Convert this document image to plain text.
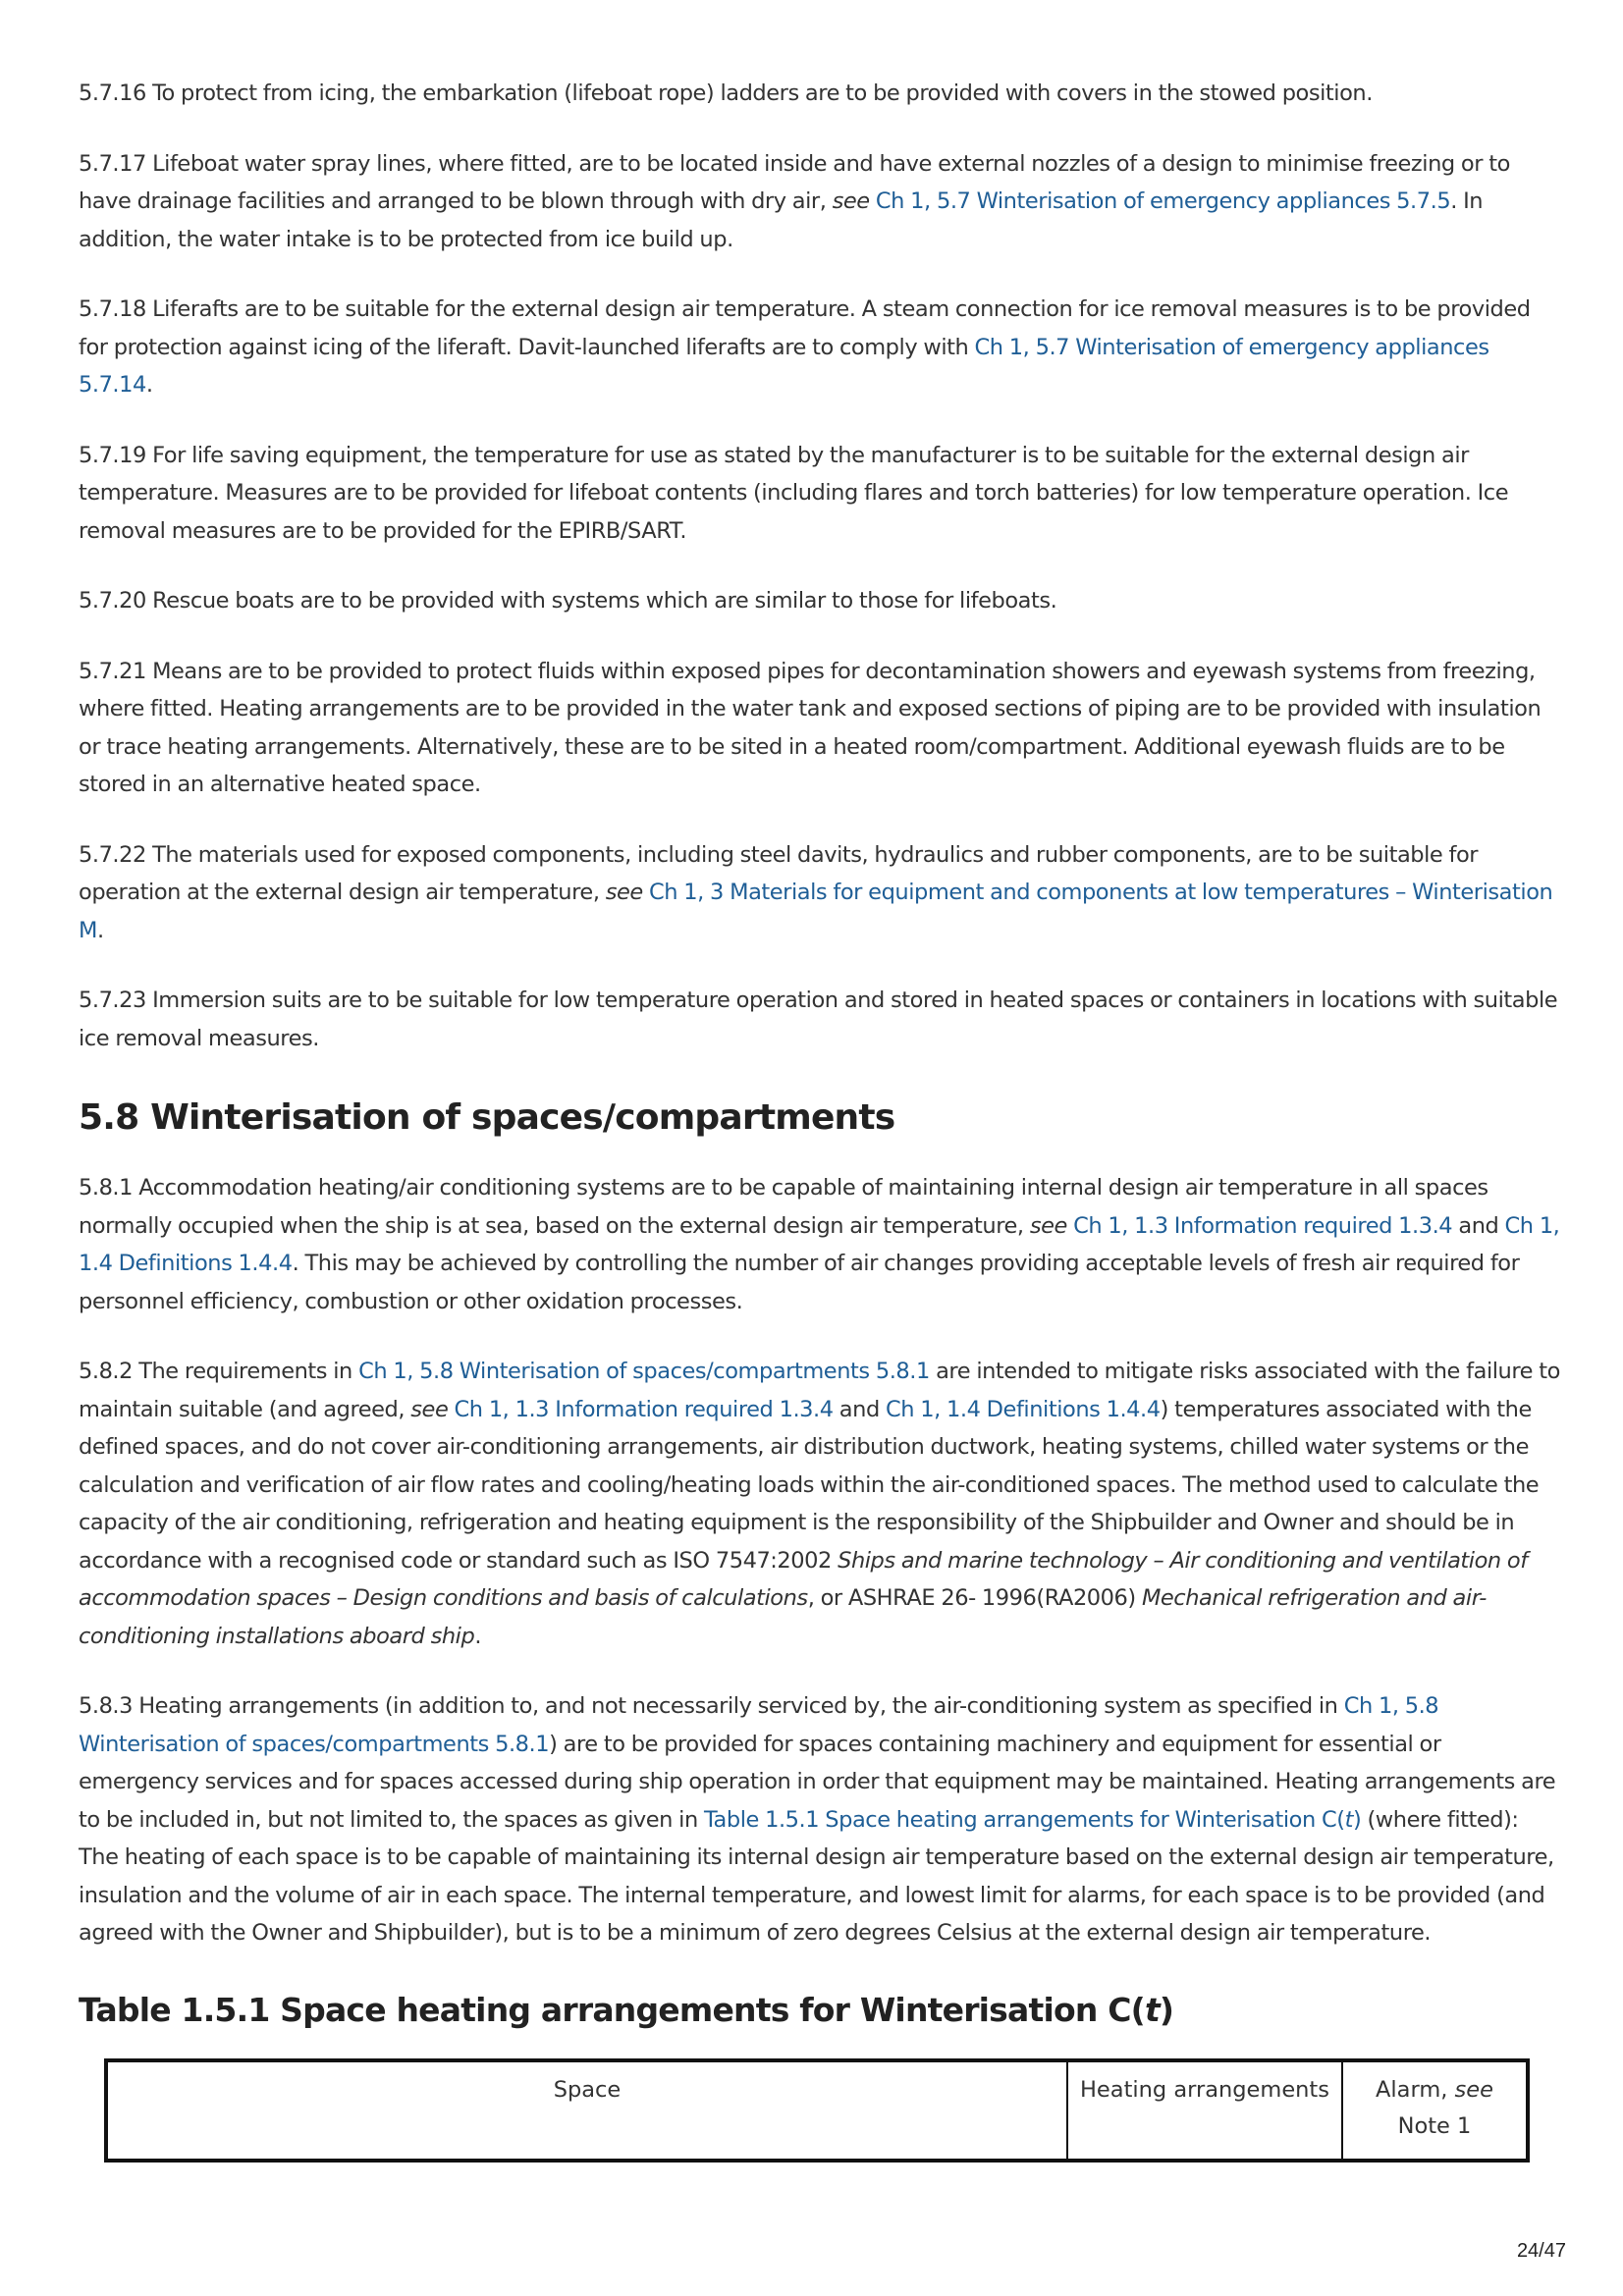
5.7.16 To protect from icing, the embarkation (lifeboat rope) ladders are to be provided with covers in the stowed position.

5.7.17 Lifeboat water spray lines, where fitted, are to be located inside and have external nozzles of a design to minimise freezing or to have drainage facilities and arranged to be blown through with dry air, see Ch 1, 5.7 Winterisation of emergency appliances 5.7.5. In addition, the water intake is to be protected from ice build up.

5.7.18 Liferafts are to be suitable for the external design air temperature. A steam connection for ice removal measures is to be provided for protection against icing of the liferaft. Davit-launched liferafts are to comply with Ch 1, 5.7 Winterisation of emergency appliances 5.7.14.

5.7.19 For life saving equipment, the temperature for use as stated by the manufacturer is to be suitable for the external design air temperature. Measures are to be provided for lifeboat contents (including flares and torch batteries) for low temperature operation. Ice removal measures are to be provided for the EPIRB/SART.

5.7.20 Rescue boats are to be provided with systems which are similar to those for lifeboats.

5.7.21 Means are to be provided to protect fluids within exposed pipes for decontamination showers and eyewash systems from freezing, where fitted. Heating arrangements are to be provided in the water tank and exposed sections of piping are to be provided with insulation or trace heating arrangements. Alternatively, these are to be sited in a heated room/compartment. Additional eyewash fluids are to be stored in an alternative heated space.

5.7.22 The materials used for exposed components, including steel davits, hydraulics and rubber components, are to be suitable for operation at the external design air temperature, see Ch 1, 3 Materials for equipment and components at low temperatures – Winterisation M.

5.7.23 Immersion suits are to be suitable for low temperature operation and stored in heated spaces or containers in locations with suitable ice removal measures.

5.8 Winterisation of spaces/compartments

5.8.1 Accommodation heating/air conditioning systems are to be capable of maintaining internal design air temperature in all spaces normally occupied when the ship is at sea, based on the external design air temperature, see Ch 1, 1.3 Information required 1.3.4 and Ch 1, 1.4 Definitions 1.4.4. This may be achieved by controlling the number of air changes providing acceptable levels of fresh air required for personnel efficiency, combustion or other oxidation processes.

5.8.2 The requirements in Ch 1, 5.8 Winterisation of spaces/compartments 5.8.1 are intended to mitigate risks associated with the failure to maintain suitable (and agreed, see Ch 1, 1.3 Information required 1.3.4 and Ch 1, 1.4 Definitions 1.4.4) temperatures associated with the defined spaces, and do not cover air-conditioning arrangements, air distribution ductwork, heating systems, chilled water systems or the calculation and verification of air flow rates and cooling/heating loads within the air-conditioned spaces. The method used to calculate the capacity of the air conditioning, refrigeration and heating equipment is the responsibility of the Shipbuilder and Owner and should be in accordance with a recognised code or standard such as ISO 7547:2002 Ships and marine technology – Air conditioning and ventilation of accommodation spaces – Design conditions and basis of calculations, or ASHRAE 26- 1996(RA2006) Mechanical refrigeration and air-conditioning installations aboard ship.

5.8.3 Heating arrangements (in addition to, and not necessarily serviced by, the air-conditioning system as specified in Ch 1, 5.8 Winterisation of spaces/compartments 5.8.1) are to be provided for spaces containing machinery and equipment for essential or emergency services and for spaces accessed during ship operation in order that equipment may be maintained. Heating arrangements are to be included in, but not limited to, the spaces as given in Table 1.5.1 Space heating arrangements for Winterisation C(t) (where fitted): The heating of each space is to be capable of maintaining its internal design air temperature based on the external design air temperature, insulation and the volume of air in each space. The internal temperature, and lowest limit for alarms, for each space is to be provided (and agreed with the Owner and Shipbuilder), but is to be a minimum of zero degrees Celsius at the external design air temperature.

Table 1.5.1 Space heating arrangements for Winterisation C(t)
Space	Heating arrangements	Alarm, see
Note 1
24/47
